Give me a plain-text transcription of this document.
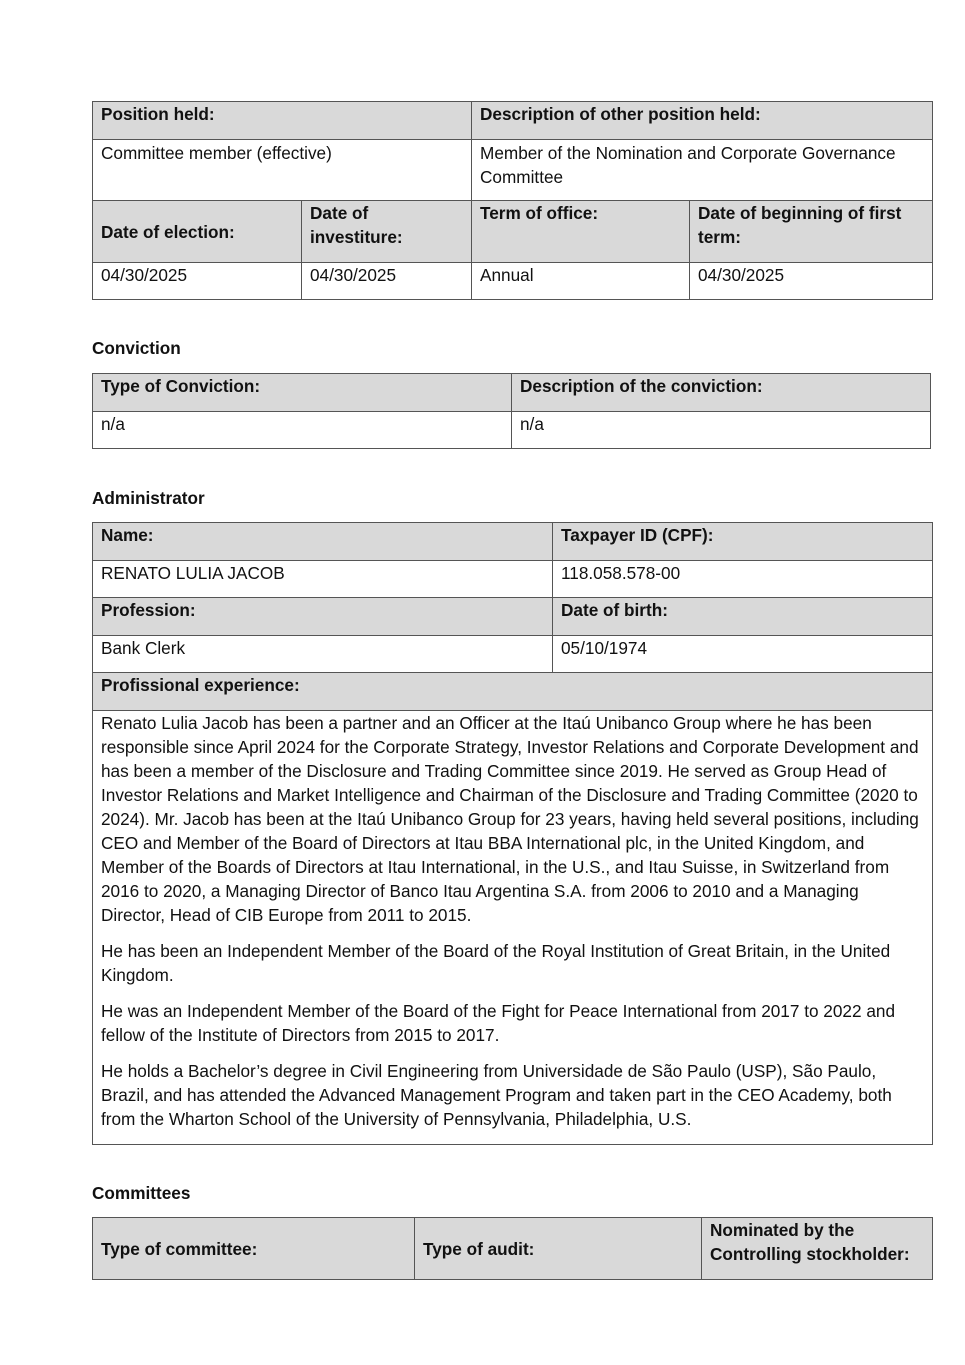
Position held:		Description of other position held:	
Committee member (effective)		Member of the Nomination and Corporate Governance Committee	
Date of election:	Date of investiture:	Term of office:	Date of beginning of first term:
04/30/2025	04/30/2025	Annual	04/30/2025
Conviction
Type of Conviction:	Description of the conviction:
n/a	n/a
Administrator
Name:	Taxpayer ID (CPF):
RENATO LULIA JACOB	118.058.578-00
Profession:	Date of birth:
Bank Clerk	05/10/1974
Profissional experience:	

Renato Lulia Jacob has been a partner and an Officer at the Itaú Unibanco Group where he has been responsible since April 2024 for the Corporate Strategy, Investor Relations and Corporate Development and has been a member of the Disclosure and Trading Committee since 2019. He served as Group Head of Investor Relations and Market Intelligence and Chairman of the Disclosure and Trading Committee (2020 to 2024). Mr. Jacob has been at the Itaú Unibanco Group for 23 years, having held several positions, including CEO and Member of the Board of Directors at Itau BBA International plc, in the United Kingdom, and Member of the Boards of Directors at Itau International, in the U.S., and Itau Suisse, in Switzerland from 2016 to 2020, a Managing Director of Banco Itau Argentina S.A. from 2006 to 2010 and a Managing Director, Head of CIB Europe from 2011 to 2015.

He has been an Independent Member of the Board of the Royal Institution of Great Britain, in the United Kingdom.

He was an Independent Member of the Board of the Fight for Peace International from 2017 to 2022 and fellow of the Institute of Directors from 2015 to 2017.

He holds a Bachelor’s degree in Civil Engineering from Universidade de São Paulo (USP), São Paulo, Brazil, and has attended the Advanced Management Program and taken part in the CEO Academy, both from the Wharton School of the University of Pennsylvania, Philadelphia, U.S.	

Committees
Type of committee:	Type of audit:	Nominated by the Controlling stockholder:
